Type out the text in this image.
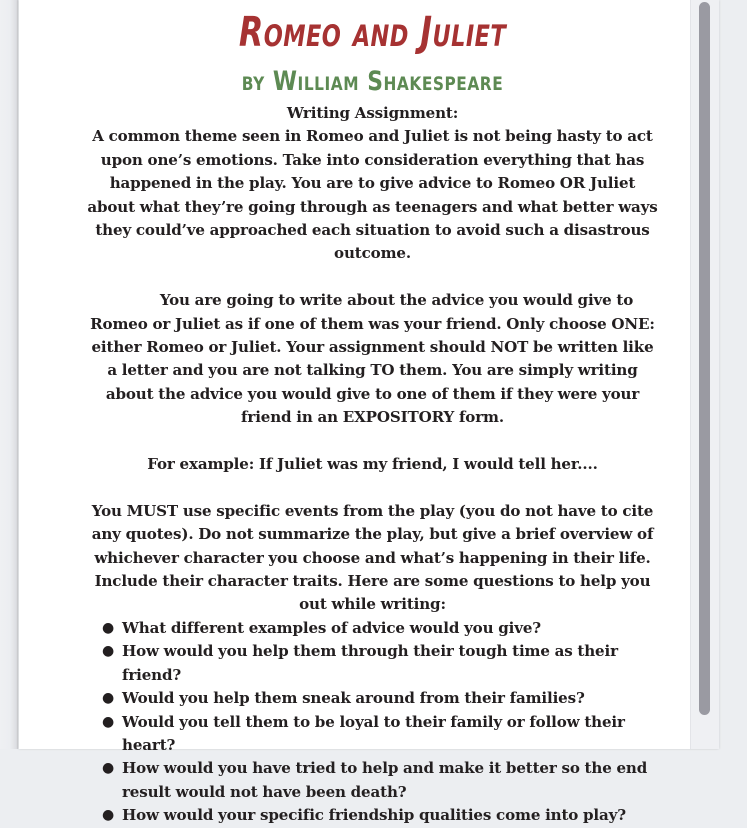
Romeo and Juliet
by William Shakespeare

Writing Assignment:

A common theme seen in Romeo and Juliet is not being hasty to act upon one’s emotions. Take into consideration everything that has happened in the play. You are to give advice to Romeo OR Juliet about what they’re going through as teenagers and what better ways they could’ve approached each situation to avoid such a disastrous outcome.

You are going to write about the advice you would give to Romeo or Juliet as if one of them was your friend. Only choose ONE: either Romeo or Juliet. Your assignment should NOT be written like a letter and you are not talking TO them. You are simply writing about the advice you would give to one of them if they were your friend in an EXPOSITORY form.

For example: If Juliet was my friend, I would tell her....

You MUST use specific events from the play (you do not have to cite any quotes). Do not summarize the play, but give a brief overview of whichever character you choose and what’s happening in their life. Include their character traits. Here are some questions to help you out while writing:

● What different examples of advice would you give?
● How would you help them through their tough time as their friend?
● Would you help them sneak around from their families?
● Would you tell them to be loyal to their family or follow their heart?
● How would you have tried to help and make it better so the end result would not have been death?
● How would your specific friendship qualities come into play?
